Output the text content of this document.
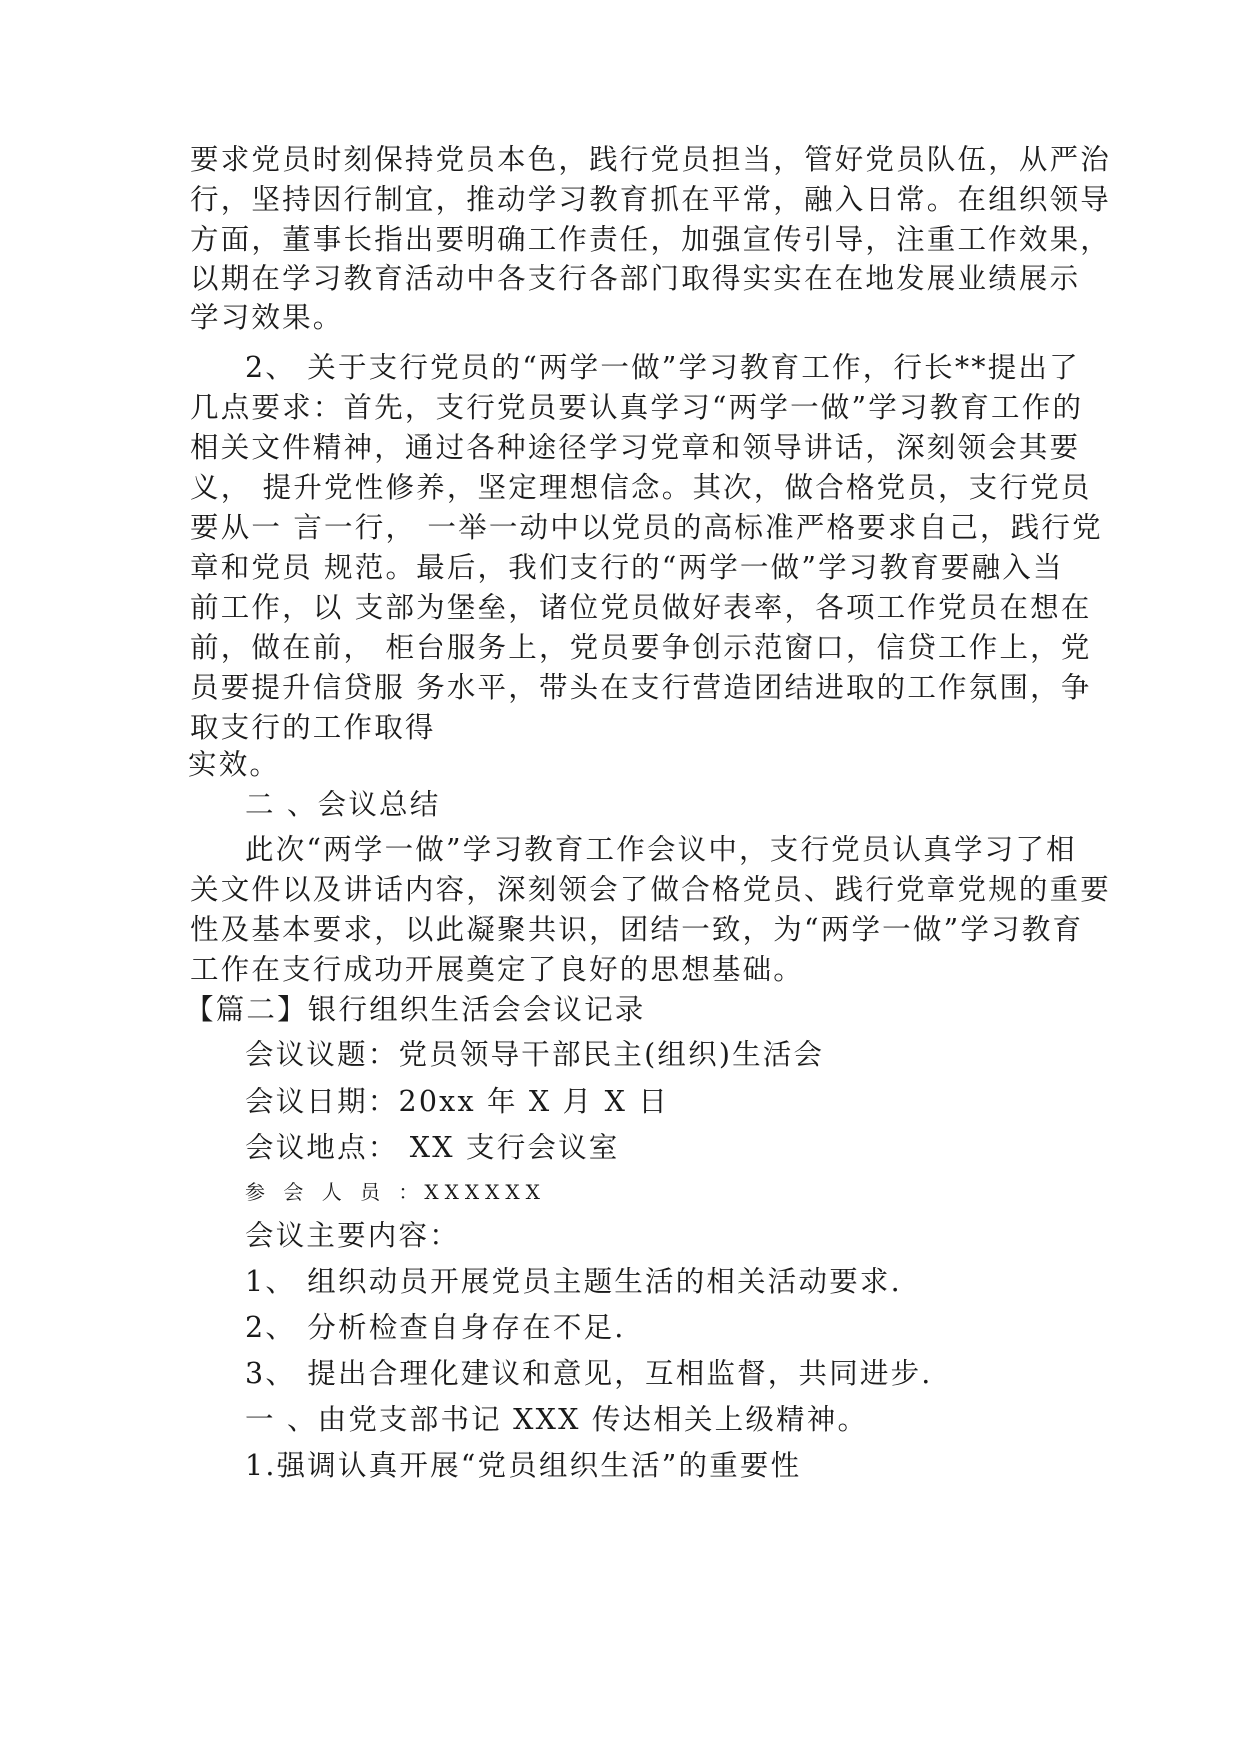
要求党员时刻保持党员本色，践行党员担当，管好党员队伍，从严治
行，坚持因行制宜，推动学习教育抓在平常，融入日常。在组织领导
方面，董事长指出要明确工作责任，加强宣传引导，注重工作效果，
以期在学习教育活动中各支行各部门取得实实在在地发展业绩展示
学习效果。
2、 关于支行党员的“两学一做”学习教育工作，行长**提出了
几点要求：首先，支行党员要认真学习“两学一做”学习教育工作的
相关文件精神，通过各种途径学习党章和领导讲话，深刻领会其要
义， 提升党性修养，坚定理想信念。其次，做合格党员，支行党员
要从一 言一行， 一举一动中以党员的高标准严格要求自己，践行党
章和党员 规范。最后，我们支行的“两学一做”学习教育要融入当
前工作，以 支部为堡垒，诸位党员做好表率，各项工作党员在想在
前，做在前， 柜台服务上，党员要争创示范窗口，信贷工作上，党
员要提升信贷服 务水平，带头在支行营造团结进取的工作氛围，争
取支行的工作取得
实效。
二 、会议总结
此次“两学一做”学习教育工作会议中，支行党员认真学习了相
关文件以及讲话内容，深刻领会了做合格党员、践行党章党规的重要
性及基本要求，以此凝聚共识，团结一致，为“两学一做”学习教育
工作在支行成功开展奠定了良好的思想基础。
【篇二】银行组织生活会会议记录
会议议题：党员领导干部民主(组织)生活会
会议日期：20xx 年 X 月 X 日
会议地点： XX 支行会议室
参 会 人 员 ：XXXXXX
会议主要内容：
1、 组织动员开展党员主题生活的相关活动要求.
2、 分析检查自身存在不足.
3、 提出合理化建议和意见，互相监督，共同进步.
一 、由党支部书记 XXX 传达相关上级精神。
1.强调认真开展“党员组织生活”的重要性
